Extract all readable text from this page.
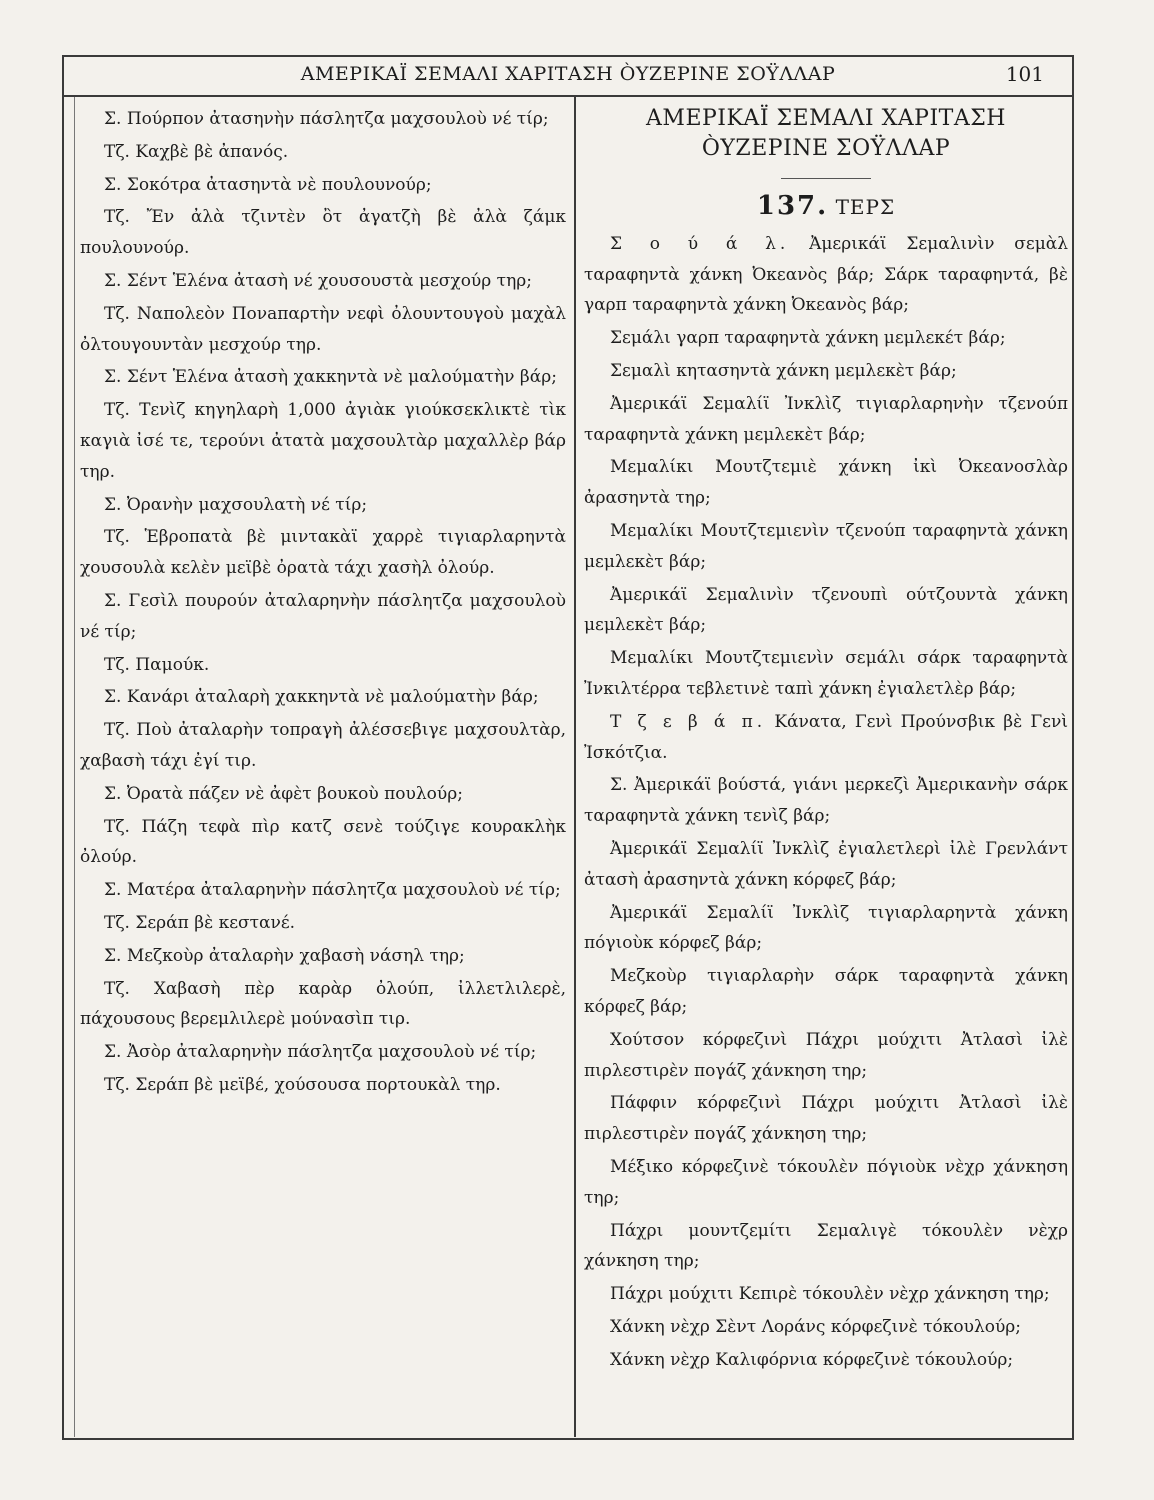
ΑΜΕΡΙΚΑΪ ΣΕΜΑΛΙ ΧΑΡΙΤΑΣΗ ÒΥΖΕΡΙΝΕ ΣΟΫΛΛΑΡ	101

Σ. Πούρπον ἀτασηνὴν πάσλητζα μαχσουλοὺ νέ τίρ;

Τζ. Καχβὲ βὲ ἀπανός.

Σ. Σοκότρα ἀτασηντὰ νὲ πουλουνούρ;

Τζ. Ἔν ἀλὰ τζιντὲν ὂτ ἀγατζὴ βὲ ἀλὰ ζάμκ πουλουνούρ.

Σ. Σέντ Ἑλένα ἀτασὴ νέ χουσουστὰ μεσχούρ τηρ;

Τζ. Ναπολεὸν Πονaπαρτὴν νεφὶ ὀλουντουγοὺ μαχὰλ ὀλτουγουντὰν μεσχούρ τηρ.

Σ. Σέντ Ἑλένα ἀτασὴ χακκηντὰ νὲ μαλούματὴν βάρ;

Τζ. Τενὶζ κηγηλαρὴ 1,000 ἀγιὰκ γιούκσεκλικτὲ τὶκ καγιὰ ἰσέ τε, τερούνι ἀτατὰ μαχσουλτὰρ μαχαλλὲρ βάρ τηρ.

Σ. Ὀρανὴν μαχσουλατὴ νέ τίρ;

Τζ. Ἑβροπατὰ βὲ μιντακὰϊ χαρρὲ τιγιαρλαρηντὰ χουσουλὰ κελὲν μεϊβὲ ὀρατὰ τάχι χασὴλ ὀλούρ.

Σ. Γεσὶλ πουρούν ἀταλαρηνὴν πάσλητζα μαχσουλοὺ νέ τίρ;

Τζ. Παμούκ.

Σ. Κανάρι ἀταλαρὴ χακκηντὰ νὲ μαλούματὴν βάρ;

Τζ. Ποὺ ἀταλαρὴν τοπραγὴ ἀλέσσεβιγε μαχσουλτὰρ, χαβασὴ τάχι ἐγί τιρ.

Σ. Ὀρατὰ πάζεν νὲ ἀφὲτ βουκοὺ πουλούρ;

Τζ. Πάζη τεφὰ πὶρ κατζ σενὲ τούζιγε κουρακλὴκ ὀλούρ.

Σ. Ματέρα ἀταλαρηνὴν πάσλητζα μαχσουλοὺ νέ τίρ;

Τζ. Σεράπ βὲ κεστανέ.

Σ. Μεζκοὺρ ἀταλαρὴν χαβασὴ νάσηλ τηρ;

Τζ. Χαβασὴ πὲρ καρὰρ ὀλούπ, ἰλλετλιλερὲ, πάχουσους βερεμλιλερὲ μούνασὶπ τιρ.

Σ. Ἀσὸρ ἀταλαρηνὴν πάσλητζα μαχσουλοὺ νέ τίρ;

Τζ. Σεράπ βὲ μεϊβέ, χούσουσα πορτουκὰλ τηρ.

ΑΜΕΡΙΚΑΪ ΣΕΜΑΛΙ ΧΑΡΙΤΑΣΗ ÒΥΖΕΡΙΝΕ ΣΟΫΛΛΑΡ
137. ΤΕΡΣ

Σ ο ύ ά λ. Ἀμερικάϊ Σεμαλινὶν σεμὰλ ταραφηντὰ χάνκη Ὀκεανὸς βάρ; Σάρκ ταραφηντά, βὲ γαρπ ταραφηντὰ χάνκη Ὀκεανὸς βάρ;

Σεμάλι γαρπ ταραφηντὰ χάνκη μεμλεκέτ βάρ;

Σεμαλὶ κητασηντὰ χάνκη μεμλεκὲτ βάρ;

Ἀμερικάϊ Σεμαλίϊ Ἰνκλὶζ τιγιαρλαρηνὴν τζενούπ ταραφηντὰ χάνκη μεμλεκὲτ βάρ;

Μεμαλίκι Μουτζτεμιὲ χάνκη ἰκὶ Ὀκεανοσλὰρ ἀρασηντὰ τηρ;

Μεμαλίκι Μουτζτεμιενὶν τζενούπ ταραφηντὰ χάνκη μεμλεκὲτ βάρ;

Ἀμερικάϊ Σεμαλινὶν τζενουπὶ ούτζουντὰ χάνκη μεμλεκὲτ βάρ;

Μεμαλίκι Μουτζτεμιενὶν σεμάλι σάρκ ταραφηντὰ Ἰνκιλτέρρα τεβλετινὲ ταπὶ χάνκη ἐγιαλετλὲρ βάρ;

Τ ζ ε β ά π. Κάνατα, Γενὶ Προύνσβικ βὲ Γενὶ Ἰσκότζια.

Σ. Ἀμερικάϊ βούστά, γιάνι μερκεζὶ Ἀμερικανὴν σάρκ ταραφηντὰ χάνκη τενὶζ βάρ;

Ἀμερικάϊ Σεμαλίϊ Ἰνκλὶζ ἐγιαλετλερὶ ἰλὲ Γρενλάντ ἀτασὴ ἀρασηντὰ χάνκη κόρφεζ βάρ;

Ἀμερικάϊ Σεμαλίϊ Ἰνκλὶζ τιγιαρλαρηντὰ χάνκη πόγιοὺκ κόρφεζ βάρ;

Μεζκοὺρ τιγιαρλαρὴν σάρκ ταραφηντὰ χάνκη κόρφεζ βάρ;

Χούτσον κόρφεζινὶ Πάχρι μούχιτι Ἀτλασὶ ἰλὲ πιρλεστιρὲν πογάζ χάνκηση τηρ;

Πάφφιν κόρφεζινὶ Πάχρι μούχιτι Ἀτλασὶ ἰλὲ πιρλεστιρὲν πογάζ χάνκηση τηρ;

Μέξικο κόρφεζινὲ τόκουλὲν πόγιοὺκ νὲχρ χάνκηση τηρ;

Πάχρι μουντζεμίτι Σεμαλιγὲ τόκουλὲν νὲχρ χάνκηση τηρ;

Πάχρι μούχιτι Κεπιρὲ τόκουλὲν νὲχρ χάνκηση τηρ;

Χάνκη νὲχρ Σὲντ Λοράνς κόρφεζινὲ τόκουλούρ;

Χάνκη νὲχρ Καλιφόρνια κόρφεζινὲ τόκουλούρ;
